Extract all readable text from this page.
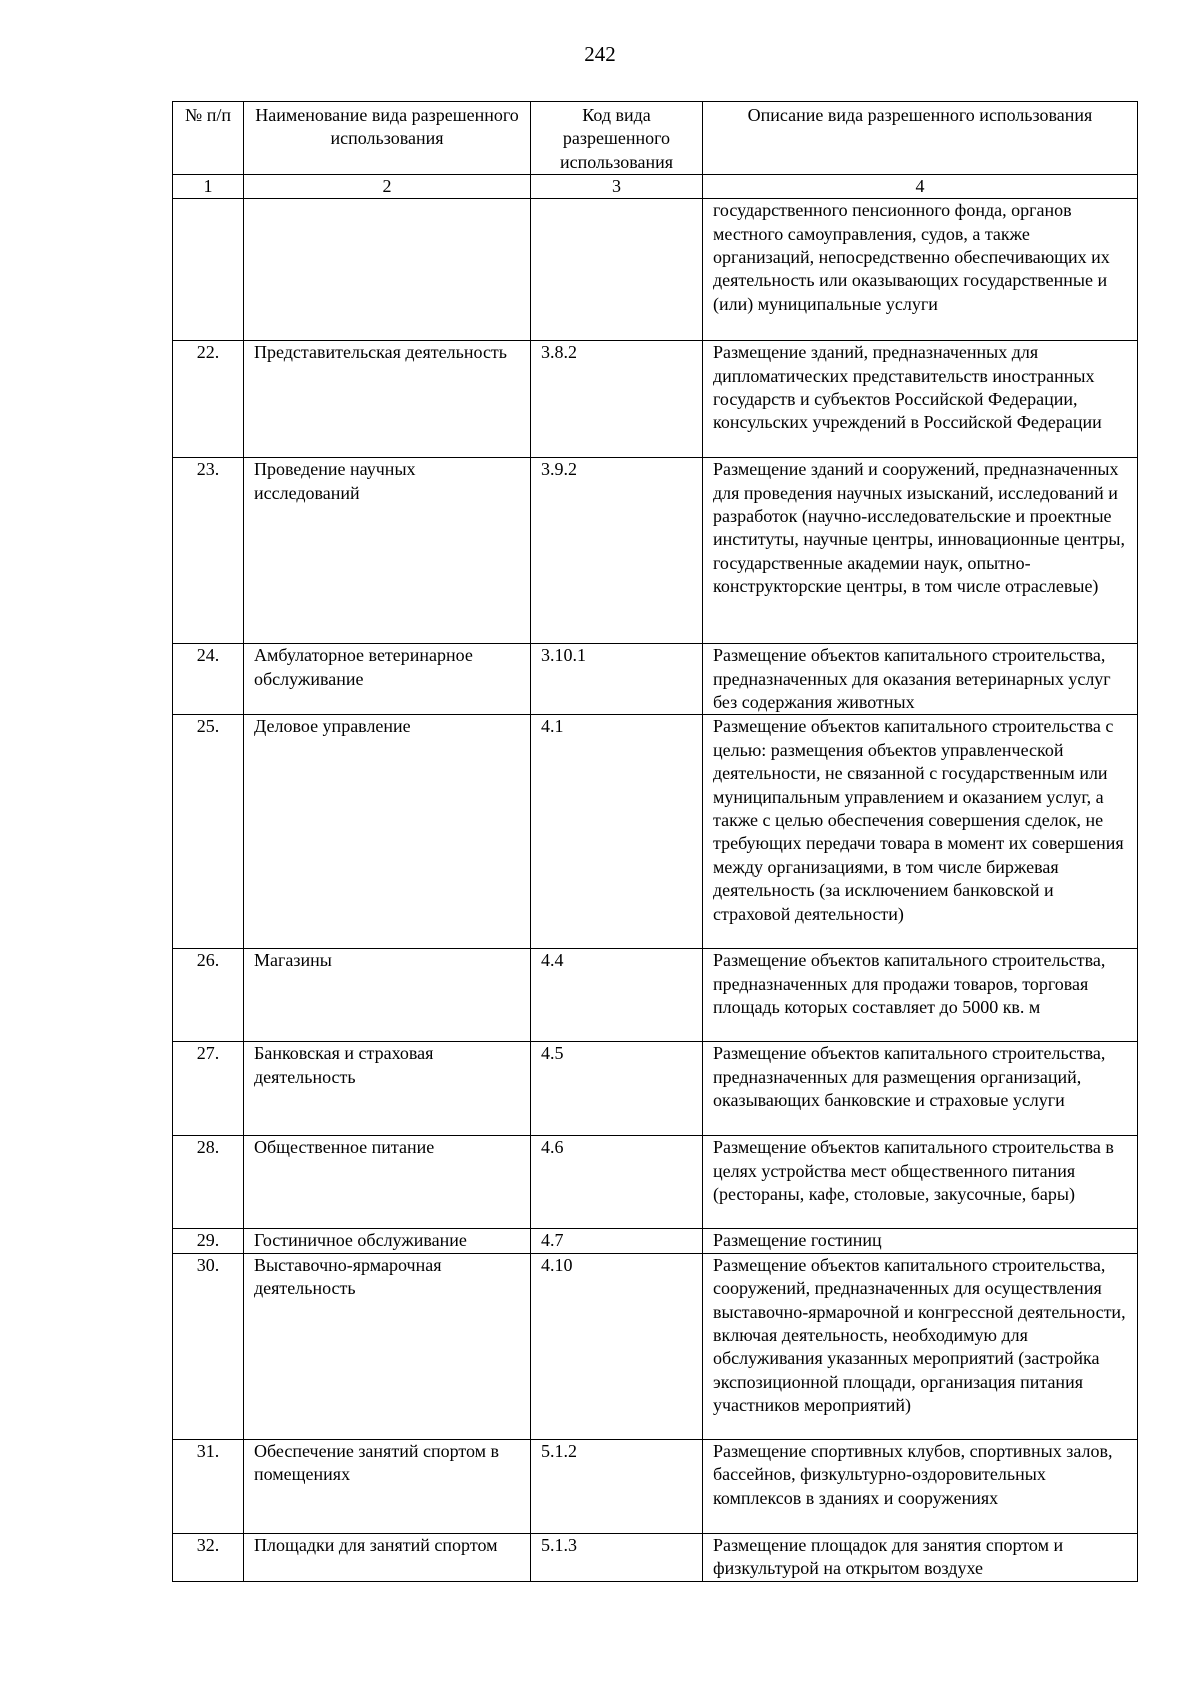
242
№ п/п	Наименование вида разрешенного использования	Код вида разрешенного использования	Описание вида разрешенного использования
1	2	3	4
			государственного пенсионного фонда, органов местного самоуправления, судов, а также организаций, непосредственно обеспечивающих их деятельность или оказывающих государственные и (или) муниципальные услуги
22.	Представительская деятельность	3.8.2	Размещение зданий, предназначенных для дипломатических представительств иностранных государств и субъектов Российской Федерации, консульских учреждений в Российской Федерации
23.	Проведение научных исследований	3.9.2	Размещение зданий и сооружений, предназначенных для проведения научных изысканий, исследований и разработок (научно-исследовательские и проектные институты, научные центры, инновационные центры, государственные академии наук, опытно-конструкторские центры, в том числе отраслевые)
24.	Амбулаторное ветеринарное обслуживание	3.10.1	Размещение объектов капитального строительства, предназначенных для оказания ветеринарных услуг без содержания животных
25.	Деловое управление	4.1	Размещение объектов капитального строительства с целью: размещения объектов управленческой деятельности, не связанной с государственным или муниципальным управлением и оказанием услуг, а также с целью обеспечения совершения сделок, не требующих передачи товара в момент их совершения между организациями, в том числе биржевая деятельность (за исключением банковской и страховой деятельности)
26.	Магазины	4.4	Размещение объектов капитального строительства, предназначенных для продажи товаров, торговая площадь которых составляет до 5000 кв. м
27.	Банковская и страховая деятельность	4.5	Размещение объектов капитального строительства, предназначенных для размещения организаций, оказывающих банковские и страховые услуги
28.	Общественное питание	4.6	Размещение объектов капитального строительства в целях устройства мест общественного питания (рестораны, кафе, столовые, закусочные, бары)
29.	Гостиничное обслуживание	4.7	Размещение гостиниц
30.	Выставочно-ярмарочная деятельность	4.10	Размещение объектов капитального строительства, сооружений, предназначенных для осуществления выставочно-ярмарочной и конгрессной деятельности, включая деятельность, необходимую для обслуживания указанных мероприятий (застройка экспозиционной площади, организация питания участников мероприятий)
31.	Обеспечение занятий спортом в помещениях	5.1.2	Размещение спортивных клубов, спортивных залов, бассейнов, физкультурно-оздоровительных комплексов в зданиях и сооружениях
32.	Площадки для занятий спортом	5.1.3	Размещение площадок для занятия спортом и физкультурой на открытом воздухе
